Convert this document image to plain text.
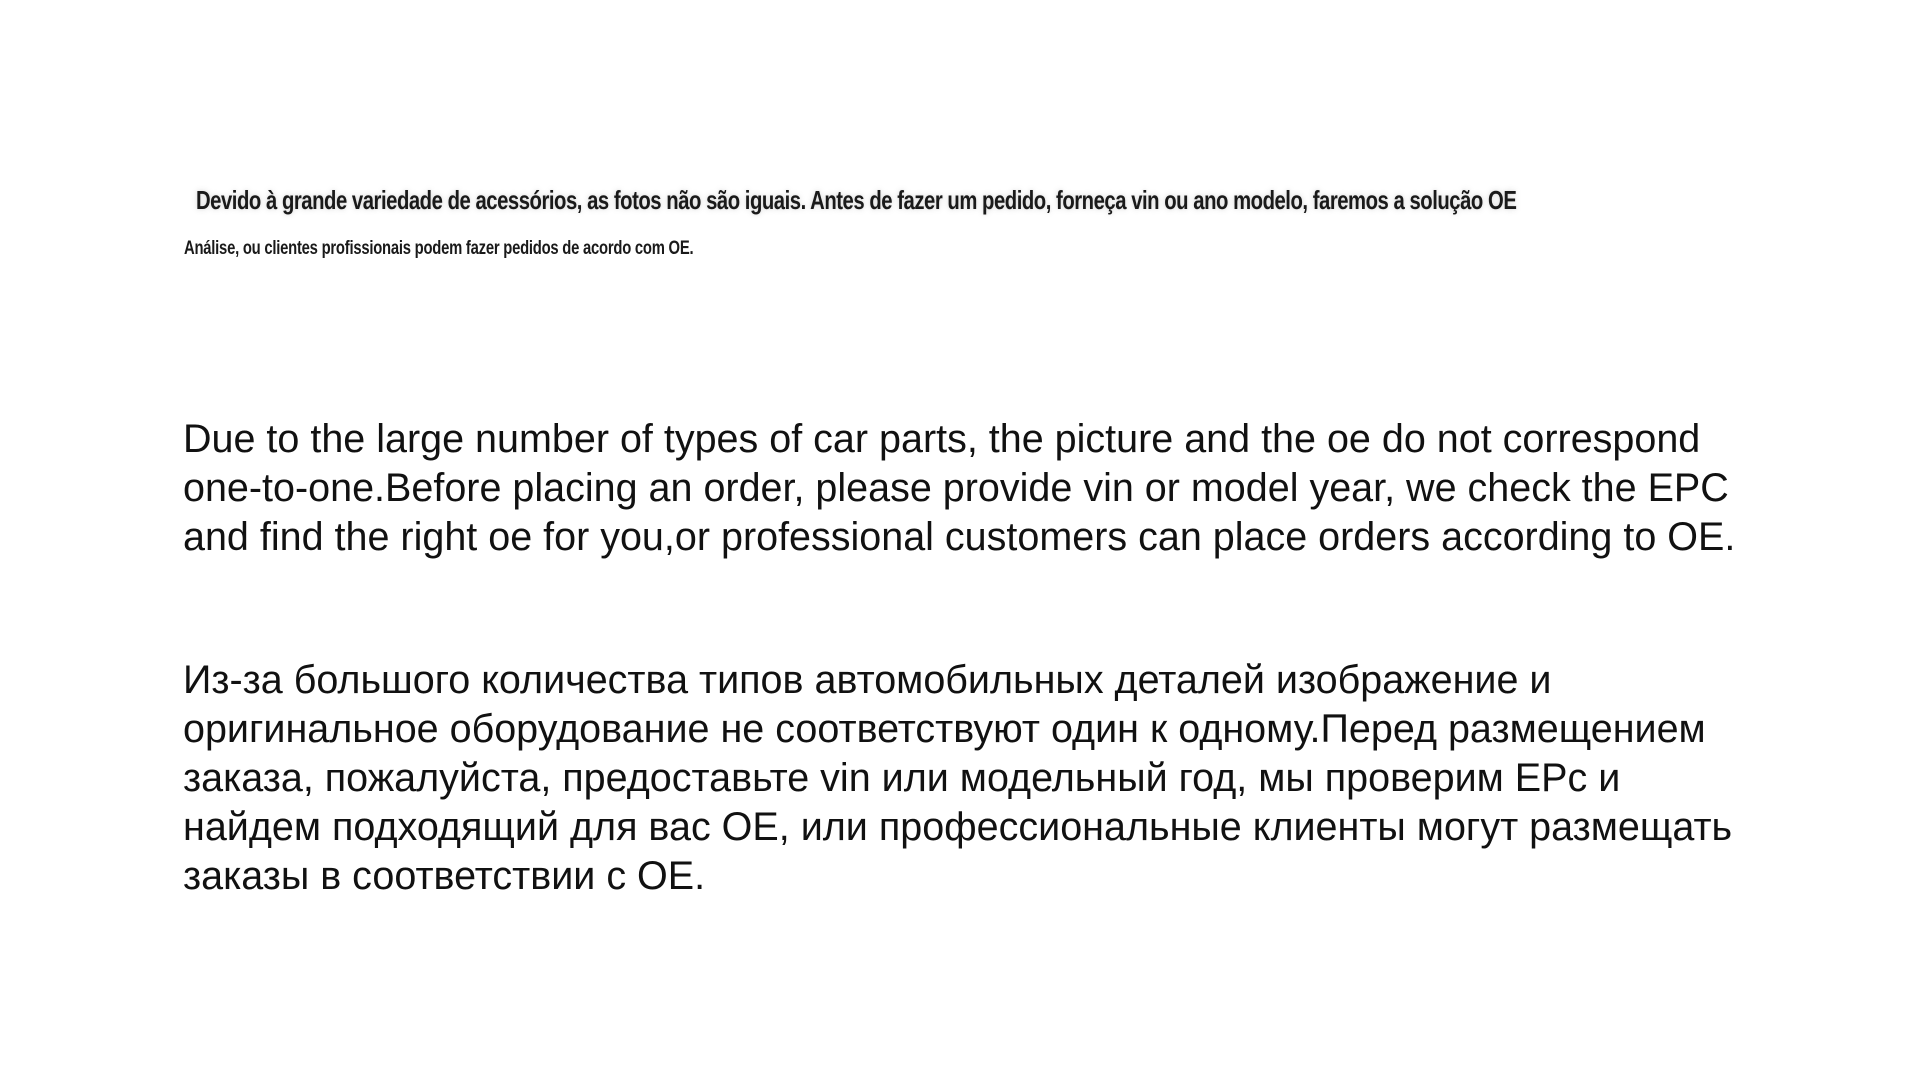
Devido à grande variedade de acessórios, as fotos não são iguais. Antes de fazer um pedido, forneça vin ou ano modelo, faremos a solução OE
Análise, ou clientes profissionais podem fazer pedidos de acordo com OE.

Due to the large number of types of car parts, the picture and the oe do not correspond
one-to-one.Before placing an order, please provide vin or model year, we check the EPC
and find the right oe for you,or professional customers can place orders according to OE.

Из-за большого количества типов автомобильных деталей изображение и
оригинальное оборудование не соответствуют один к одному.Перед размещением
заказа, пожалуйста, предоставьте vin или модельный год, мы проверим EPс и
найдем подходящий для вас OE, или профессиональные клиенты могут размещать
заказы в соответствии с OE.
